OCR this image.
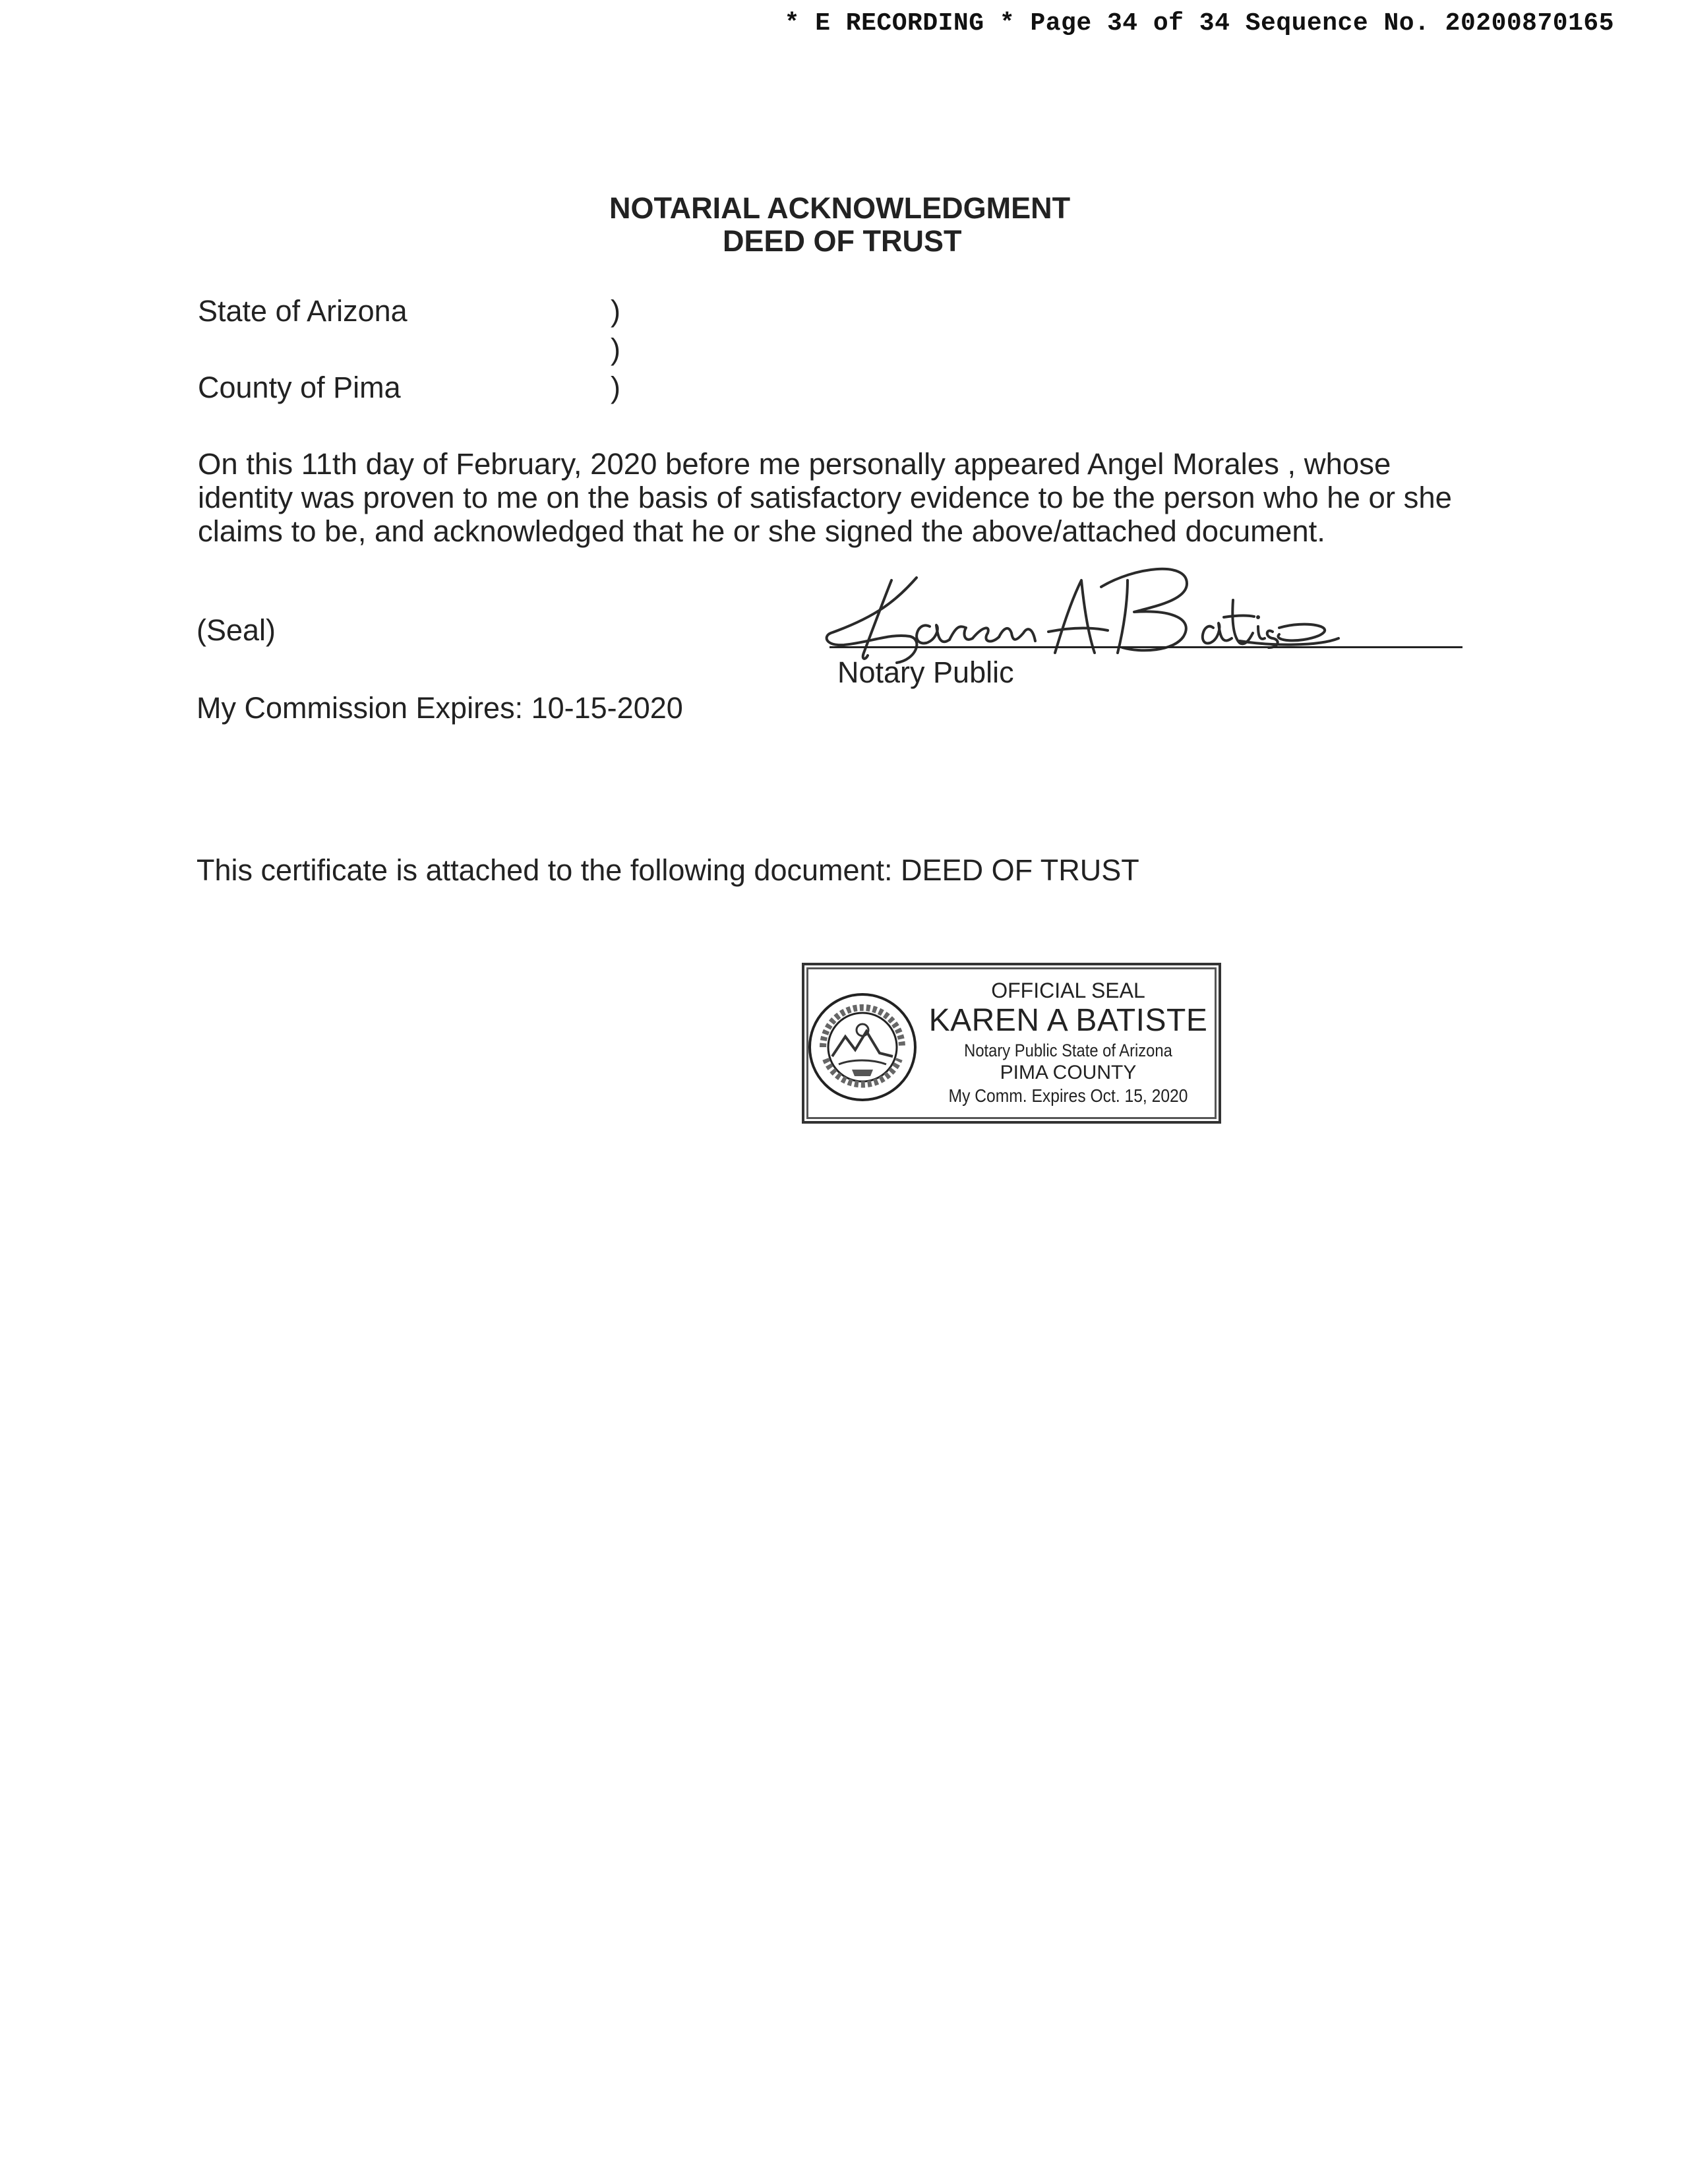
* E RECORDING * Page 34 of 34 Sequence No. 20200870165
NOTARIAL ACKNOWLEDGMENT
DEED OF TRUST
State of Arizona
County of Pima
)
)
)
On this 11th day of February, 2020 before me personally appeared Angel Morales , whose
identity was proven to me on the basis of satisfactory evidence to be the person who he or she
claims to be, and acknowledged that he or she signed the above/attached document.
(Seal)
Notary Public
My Commission Expires: 10-15-2020
This certificate is attached to the following document: DEED OF TRUST
OFFICIAL SEAL
KAREN A BATISTE
Notary Public State of Arizona
PIMA COUNTY
My Comm. Expires Oct. 15, 2020
